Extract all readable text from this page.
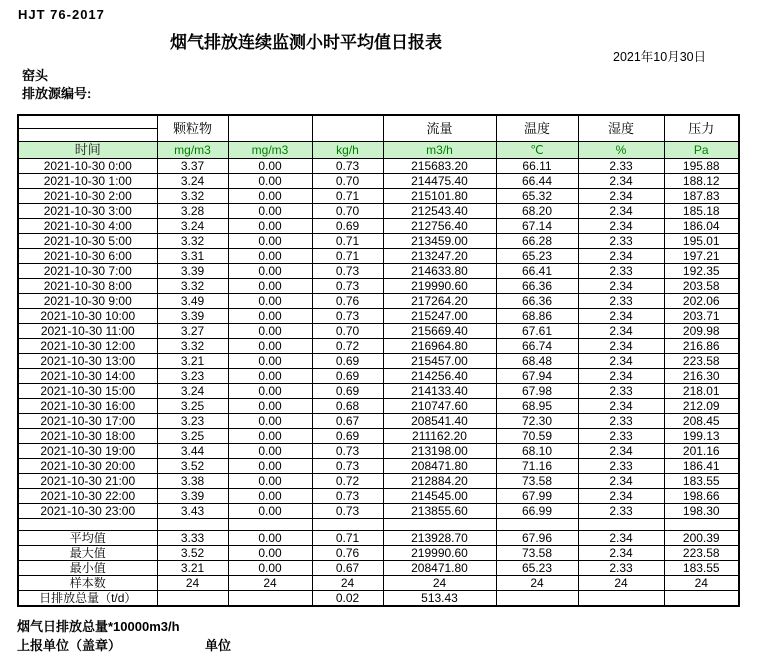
HJT 76-2017
烟气排放连续监测小时平均值日报表
2021年10月30日
窑头
排放源编号:
	颗粒物			流量	温度	湿度	压力

时间	mg/m3	mg/m3	kg/h	m3/h	℃	%	Pa
2021-10-30 0:00	3.37	0.00	0.73	215683.20	66.11	2.33	195.88
2021-10-30 1:00	3.24	0.00	0.70	214475.40	66.44	2.34	188.12
2021-10-30 2:00	3.32	0.00	0.71	215101.80	65.32	2.34	187.83
2021-10-30 3:00	3.28	0.00	0.70	212543.40	68.20	2.34	185.18
2021-10-30 4:00	3.24	0.00	0.69	212756.40	67.14	2.34	186.04
2021-10-30 5:00	3.32	0.00	0.71	213459.00	66.28	2.33	195.01
2021-10-30 6:00	3.31	0.00	0.71	213247.20	65.23	2.34	197.21
2021-10-30 7:00	3.39	0.00	0.73	214633.80	66.41	2.33	192.35
2021-10-30 8:00	3.32	0.00	0.73	219990.60	66.36	2.34	203.58
2021-10-30 9:00	3.49	0.00	0.76	217264.20	66.36	2.33	202.06
2021-10-30 10:00	3.39	0.00	0.73	215247.00	68.86	2.34	203.71
2021-10-30 11:00	3.27	0.00	0.70	215669.40	67.61	2.34	209.98
2021-10-30 12:00	3.32	0.00	0.72	216964.80	66.74	2.34	216.86
2021-10-30 13:00	3.21	0.00	0.69	215457.00	68.48	2.34	223.58
2021-10-30 14:00	3.23	0.00	0.69	214256.40	67.94	2.34	216.30
2021-10-30 15:00	3.24	0.00	0.69	214133.40	67.98	2.33	218.01
2021-10-30 16:00	3.25	0.00	0.68	210747.60	68.95	2.34	212.09
2021-10-30 17:00	3.23	0.00	0.67	208541.40	72.30	2.33	208.45
2021-10-30 18:00	3.25	0.00	0.69	211162.20	70.59	2.33	199.13
2021-10-30 19:00	3.44	0.00	0.73	213198.00	68.10	2.34	201.16
2021-10-30 20:00	3.52	0.00	0.73	208471.80	71.16	2.33	186.41
2021-10-30 21:00	3.38	0.00	0.72	212884.20	73.58	2.34	183.55
2021-10-30 22:00	3.39	0.00	0.73	214545.00	67.99	2.34	198.66
2021-10-30 23:00	3.43	0.00	0.73	213855.60	66.99	2.33	198.30

平均值	3.33	0.00	0.71	213928.70	67.96	2.34	200.39
最大值	3.52	0.00	0.76	219990.60	73.58	2.34	223.58
最小值	3.21	0.00	0.67	208471.80	65.23	2.33	183.55
样本数	24	24	24	24	24	24	24
日排放总量（t/d）			0.02	513.43			
烟气日排放总量*10000m3/h
上报单位（盖章）	单位
